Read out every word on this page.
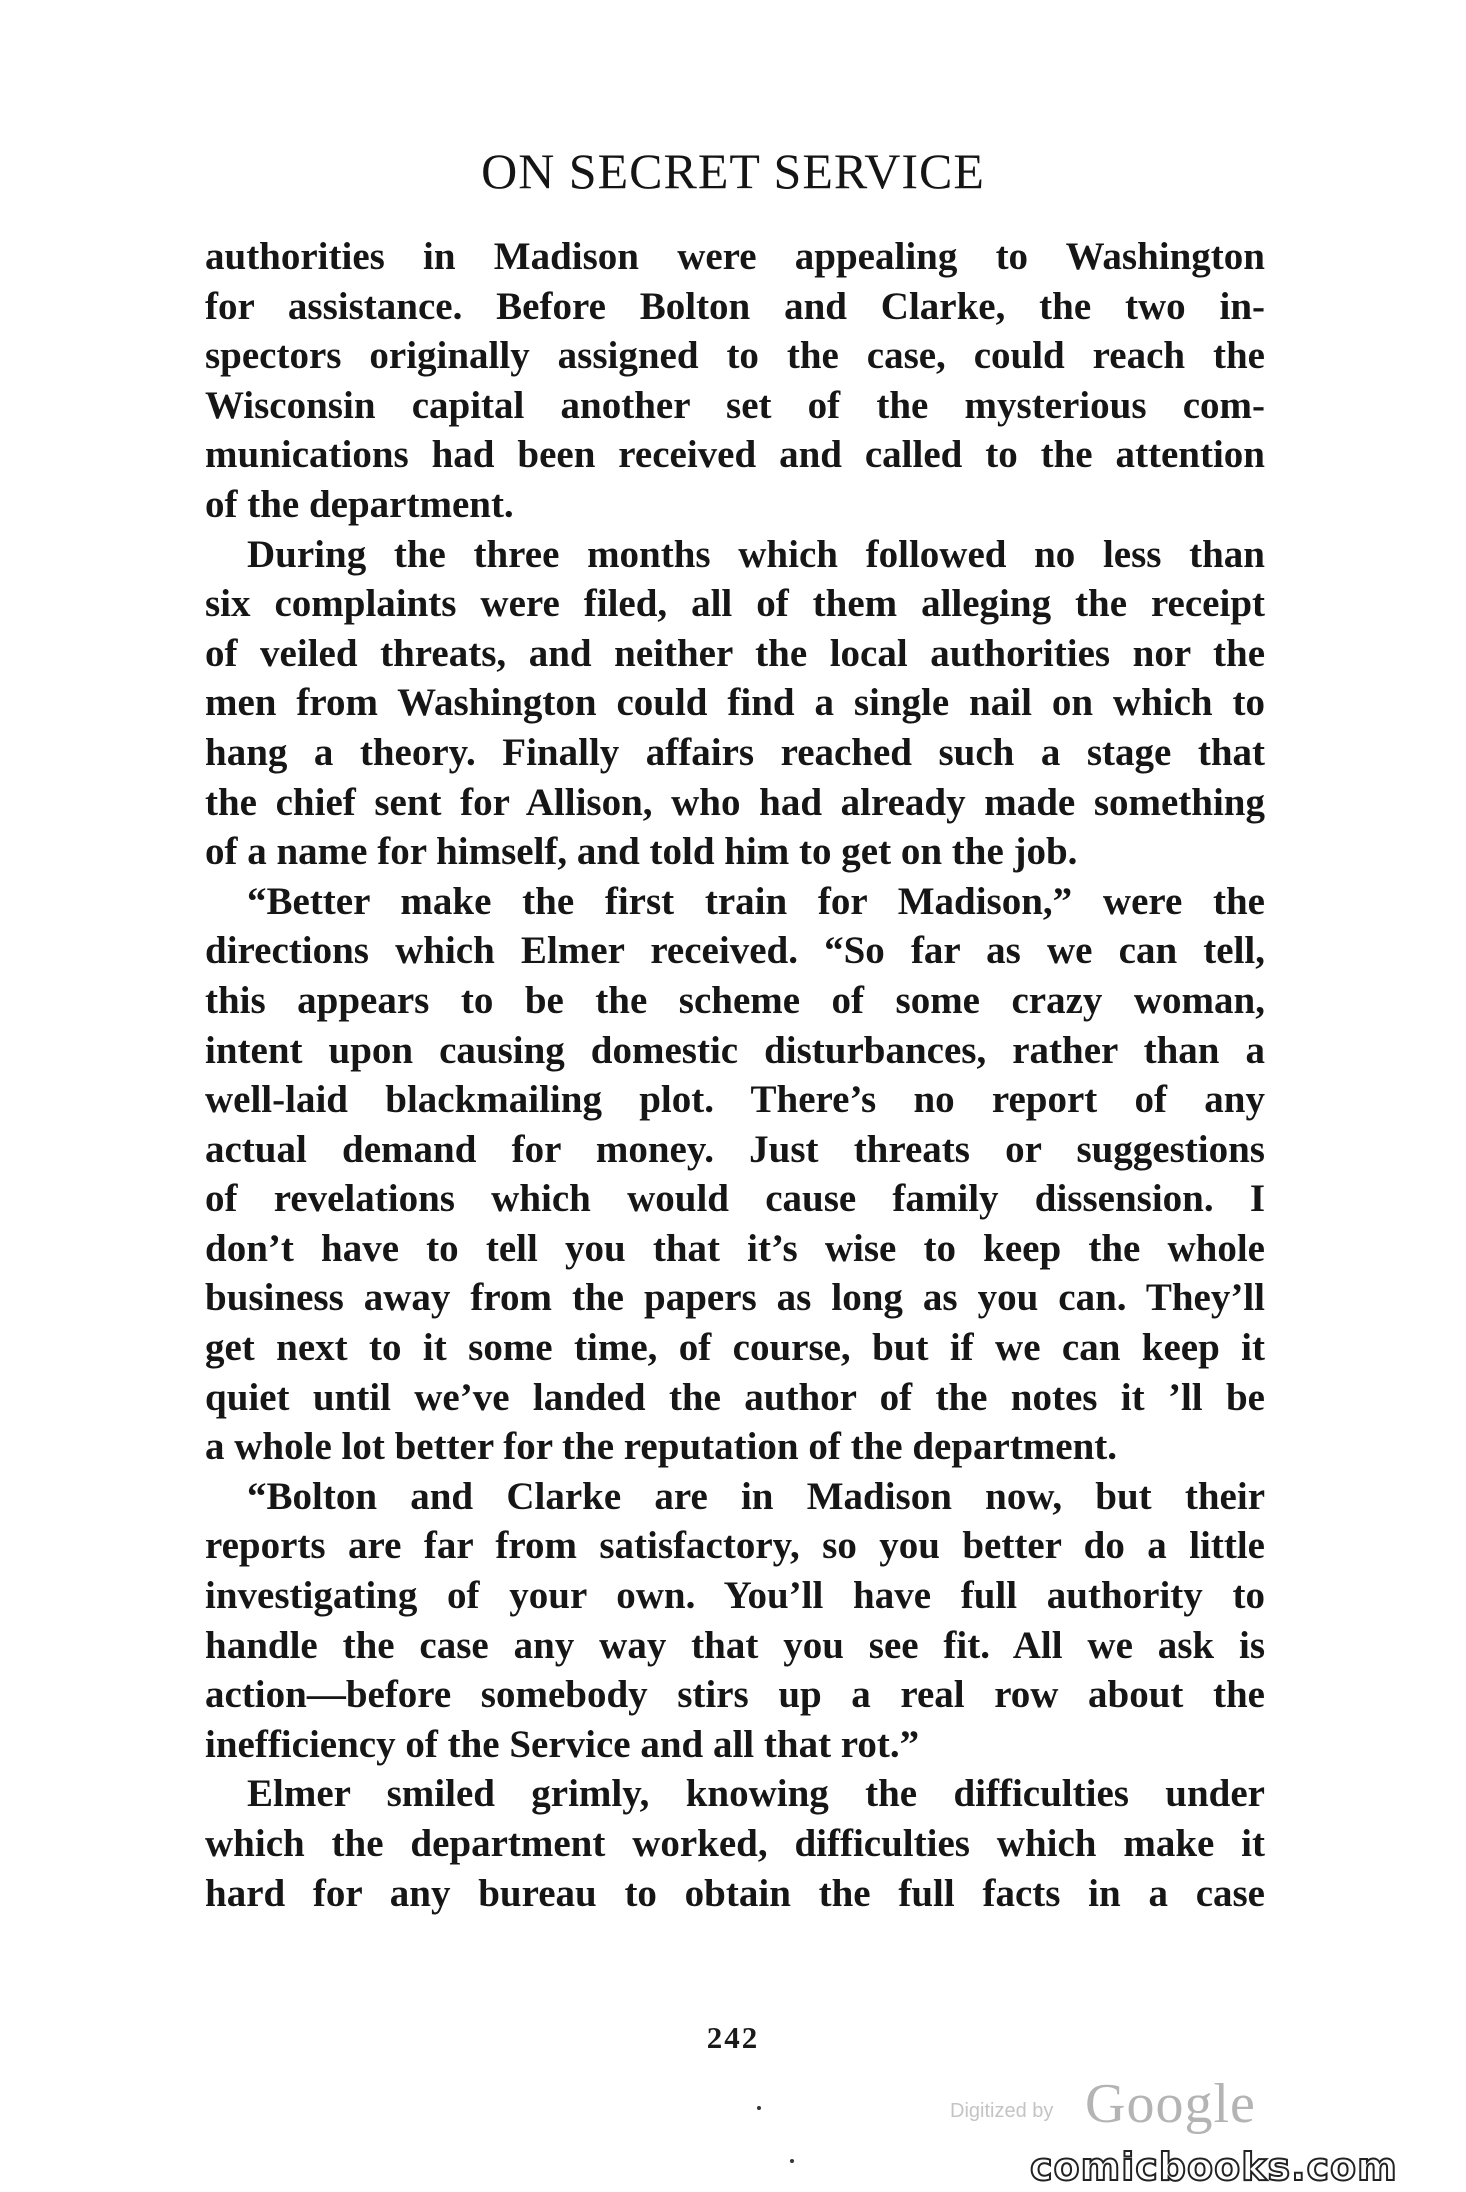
ON SECRET SERVICE

authorities in Madison were appealing to Washington

for assistance. Before Bolton and Clarke, the two in-

spectors originally assigned to the case, could reach the

Wisconsin capital another set of the mysterious com-

munications had been received and called to the attention

of the department.

During the three months which followed no less than

six complaints were filed, all of them alleging the receipt

of veiled threats, and neither the local authorities nor the

men from Washington could find a single nail on which to

hang a theory. Finally affairs reached such a stage that

the chief sent for Allison, who had already made something

of a name for himself, and told him to get on the job.

“Better make the first train for Madison,” were the

directions which Elmer received. “So far as we can tell,

this appears to be the scheme of some crazy woman,

intent upon causing domestic disturbances, rather than a

well-laid blackmailing plot. There’s no report of any

actual demand for money. Just threats or suggestions

of revelations which would cause family dissension. I

don’t have to tell you that it’s wise to keep the whole

business away from the papers as long as you can. They’ll

get next to it some time, of course, but if we can keep it

quiet until we’ve landed the author of the notes it ’ll be

a whole lot better for the reputation of the department.

“Bolton and Clarke are in Madison now, but their

reports are far from satisfactory, so you better do a little

investigating of your own. You’ll have full authority to

handle the case any way that you see fit. All we ask is

action—before somebody stirs up a real row about the

inefficiency of the Service and all that rot.”

Elmer smiled grimly, knowing the difficulties under

which the department worked, difficulties which make it

hard for any bureau to obtain the full facts in a case

242
Digitized by Google
comicbooks.com
